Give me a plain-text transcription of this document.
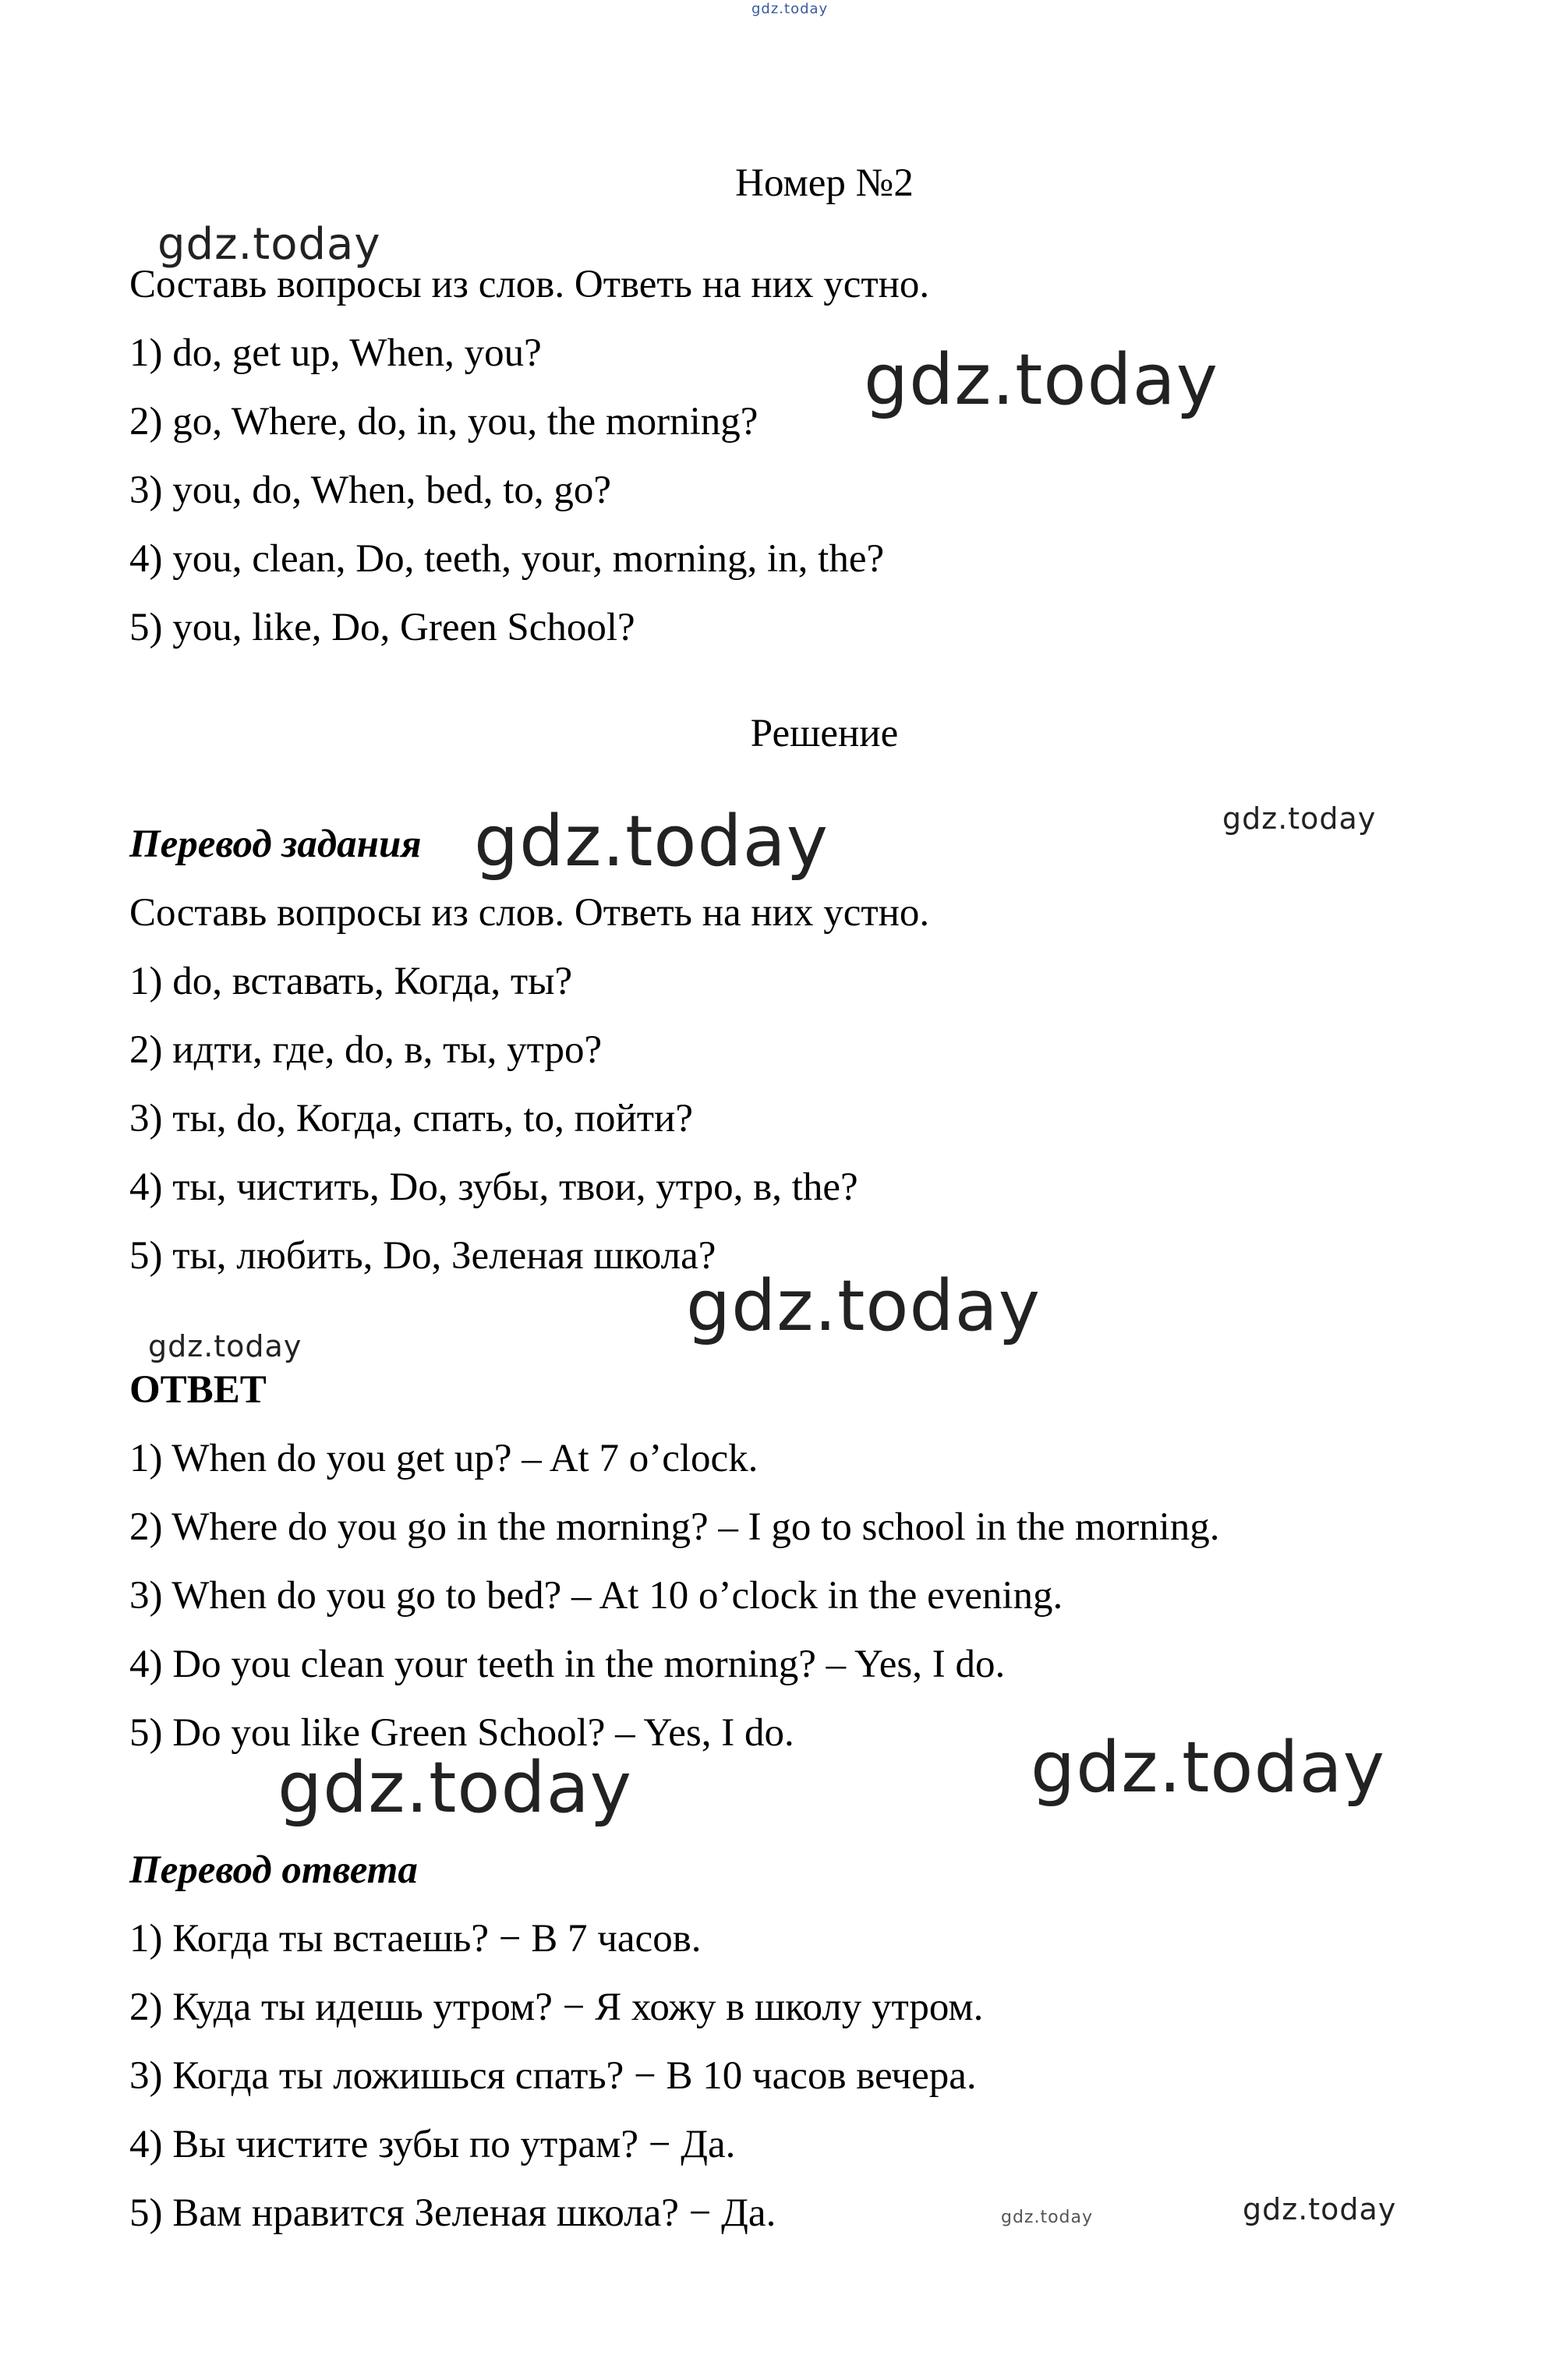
gdz.today
gdz.today
gdz.today
gdz.today
gdz.today
gdz.today
gdz.today
gdz.today
gdz.today
gdz.today
gdz.today
Номер №2
Составь вопросы из слов. Ответь на них устно.
1) do, get up, When, you?
2) go, Where, do, in, you, the morning?
3) you, do, When, bed, to, go?
4) you, clean, Do, teeth, your, morning, in, the?
5) you, like, Do, Green School?
Решение
Перевод задания
Составь вопросы из слов. Ответь на них устно.
1) do, вставать, Когда, ты?
2) идти, где, do, в, ты, утро?
3) ты, do, Когда, спать, to, пойти?
4) ты, чистить, Do, зубы, твои, утро, в, the?
5) ты, любить, Do, Зеленая школа?
ОТВЕТ
1) When do you get up? – At 7 o’clock.
2) Where do you go in the morning? – I go to school in the morning.
3) When do you go to bed? – At 10 o’clock in the evening.
4) Do you clean your teeth in the morning? – Yes, I do.
5) Do you like Green School? – Yes, I do.
Перевод ответа
1) Когда ты встаешь? − В 7 часов.
2) Куда ты идешь утром? − Я хожу в школу утром.
3) Когда ты ложишься спать? − В 10 часов вечера.
4) Вы чистите зубы по утрам? − Да.
5) Вам нравится Зеленая школа? − Да.
